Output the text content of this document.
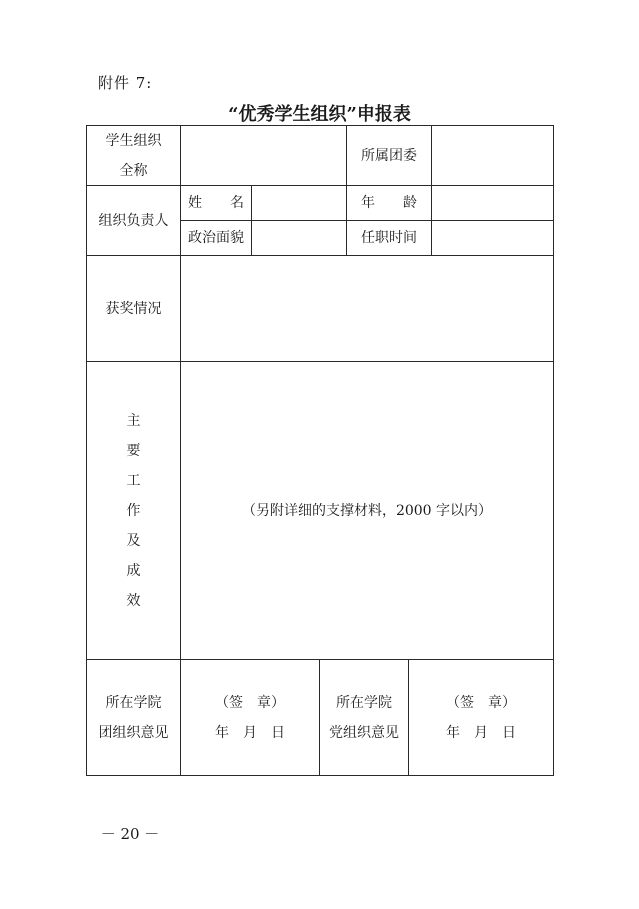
附件 7:
“优秀学生组织”申报表
学生组织
全称
所属团委
组织负责人
姓　　名	年　　龄
政治面貌	任职时间
获奖情况
主
要
工
作
及
成
效
（另附详细的支撑材料，2000 字以内）
所在学院
团组织意见
（签　章）
年　月　日
所在学院
党组织意见
（签　章）
年　月　日
－ 20 －
